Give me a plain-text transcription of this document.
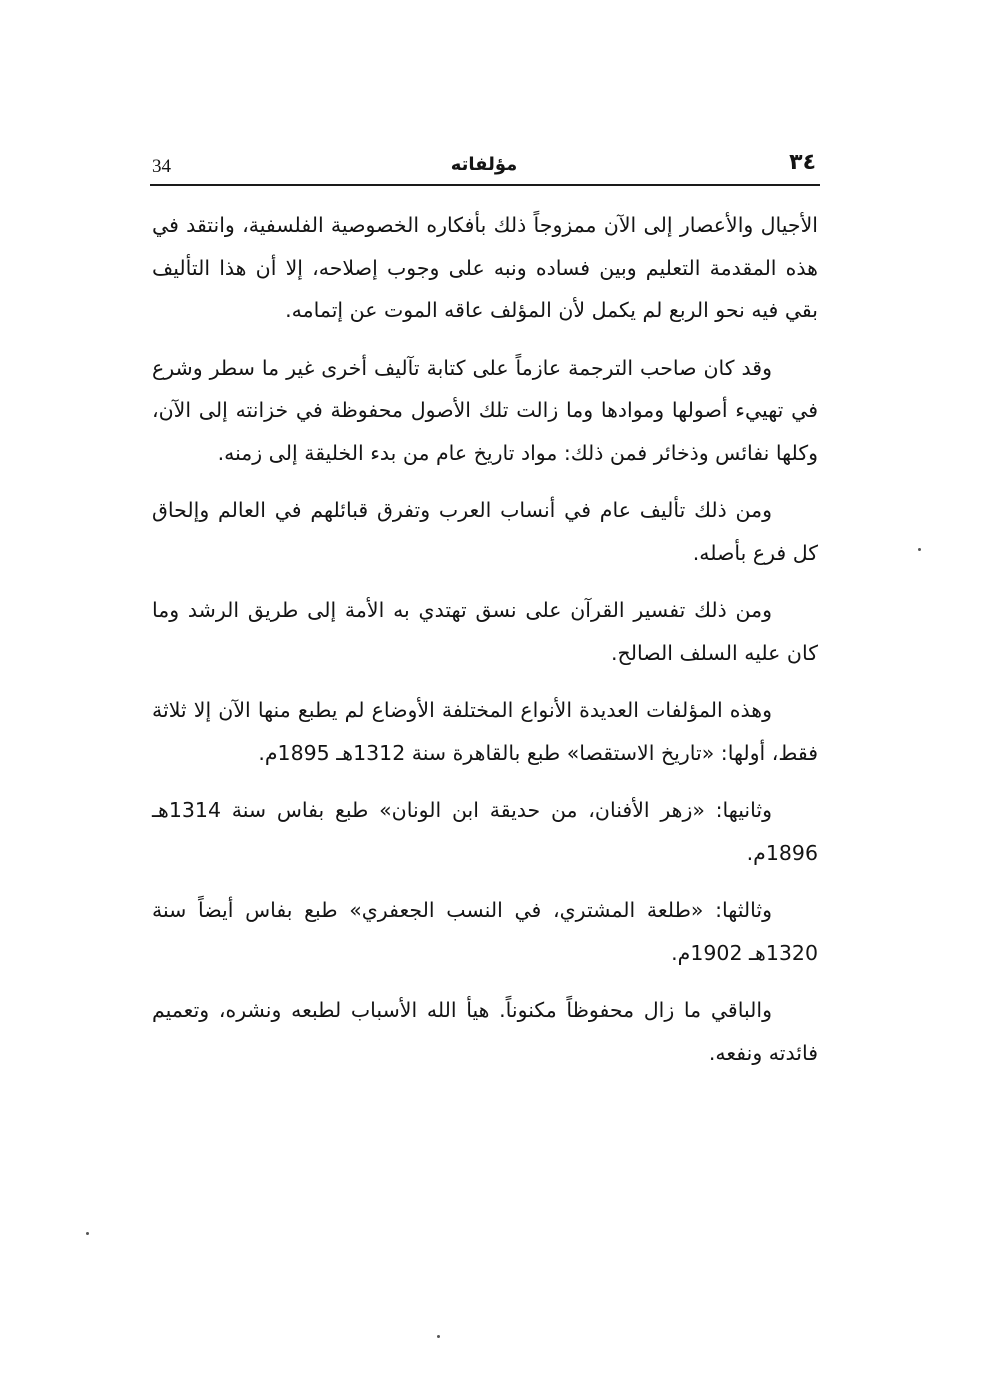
34	مؤلفاته	٣٤

الأجيال والأعصار إلى الآن ممزوجاً ذلك بأفكاره الخصوصية الفلسفية، وانتقد في هذه المقدمة التعليم وبين فساده ونبه على وجوب إصلاحه، إلا أن هذا التأليف بقي فيه نحو الربع لم يكمل لأن المؤلف عاقه الموت عن إتمامه.

وقد كان صاحب الترجمة عازماً على كتابة تآليف أخرى غير ما سطر وشرع في تهييء أصولها وموادها وما زالت تلك الأصول محفوظة في خزانته إلى الآن، وكلها نفائس وذخائر فمن ذلك: مواد تاريخ عام من بدء الخليقة إلى زمنه.

ومن ذلك تأليف عام في أنساب العرب وتفرق قبائلهم في العالم وإلحاق كل فرع بأصله.

ومن ذلك تفسير القرآن على نسق تهتدي به الأمة إلى طريق الرشد وما كان عليه السلف الصالح.

وهذه المؤلفات العديدة الأنواع المختلفة الأوضاع لم يطبع منها الآن إلا ثلاثة فقط، أولها: «تاريخ الاستقصا» طبع بالقاهرة سنة 1312هـ 1895م.

وثانيها: «زهر الأفنان، من حديقة ابن الونان» طبع بفاس سنة 1314هـ 1896م.

وثالثها: «طلعة المشتري، في النسب الجعفري» طبع بفاس أيضاً سنة 1320هـ 1902م.

والباقي ما زال محفوظاً مكنوناً. هيأ الله الأسباب لطبعه ونشره، وتعميم فائدته ونفعه.
